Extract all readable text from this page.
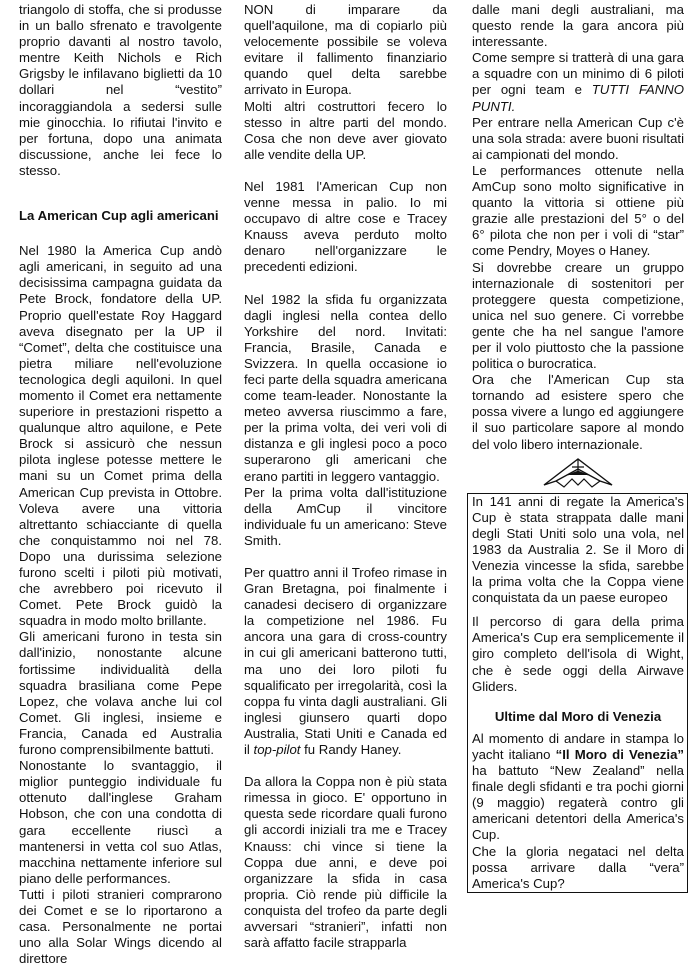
triangolo di stoffa, che si produsse in un ballo sfrenato e travolgente proprio davanti al nostro tavolo, mentre Keith Nichols e Rich Grigsby le infilavano biglietti da 10 dollari nel “vestito” incoraggiandola a sedersi sulle mie ginocchia. Io rifiutai l'invito e per fortuna, dopo una animata discussione, anche lei fece lo stesso.

La American Cup agli americani

Nel 1980 la America Cup andò agli americani, in seguito ad una decisissima campagna guidata da Pete Brock, fondatore della UP. Proprio quell'estate Roy Haggard aveva disegnato per la UP il “Comet”, delta che costituisce una pietra miliare nell'evoluzione tecnologica degli aquiloni. In quel momento il Comet era nettamente superiore in prestazioni rispetto a qualunque altro aquilone, e Pete Brock si assicurò che nessun pilota inglese potesse mettere le mani su un Comet prima della American Cup prevista in Ottobre. Voleva avere una vittoria altrettanto schiacciante di quella che conquistammo noi nel 78. Dopo una durissima selezione furono scelti i piloti più motivati, che avrebbero poi ricevuto il Comet. Pete Brock guidò la squadra in modo molto brillante.

Gli americani furono in testa sin dall'inizio, nonostante alcune fortissime individualità della squadra brasiliana come Pepe Lopez, che volava anche lui col Comet. Gli inglesi, insieme e Francia, Canada ed Australia furono comprensibilmente battuti.

Nonostante lo svantaggio, il miglior punteggio individuale fu ottenuto dall'inglese Graham Hobson, che con una condotta di gara eccellente riuscì a mantenersi in vetta col suo Atlas, macchina nettamente inferiore sul piano delle performances.

Tutti i piloti stranieri comprarono dei Comet e se lo riportarono a casa. Personalmente ne portai uno alla Solar Wings dicendo al direttore

NON di imparare da quell'aquilone, ma di copiarlo più velocemente possibile se voleva evitare il fallimento finanziario quando quel delta sarebbe arrivato in Europa.

Molti altri costruttori fecero lo stesso in altre parti del mondo. Cosa che non deve aver giovato alle vendite della UP.

Nel 1981 l'American Cup non venne messa in palio. Io mi occupavo di altre cose e Tracey Knauss aveva perduto molto denaro nell'organizzare le precedenti edizioni.

Nel 1982 la sfida fu organizzata dagli inglesi nella contea dello Yorkshire del nord. Invitati: Francia, Brasile, Canada e Svizzera. In quella occasione io feci parte della squadra americana come team-leader. Nonostante la meteo avversa riuscimmo a fare, per la prima volta, dei veri voli di distanza e gli inglesi poco a poco superarono gli americani che erano partiti in leggero vantaggio.

Per la prima volta dall'istituzione della AmCup il vincitore individuale fu un americano: Steve Smith.

Per quattro anni il Trofeo rimase in Gran Bretagna, poi finalmente i canadesi decisero di organizzare la competizione nel 1986. Fu ancora una gara di cross-country in cui gli americani batterono tutti, ma uno dei loro piloti fu squalificato per irregolarità, così la coppa fu vinta dagli australiani. Gli inglesi giunsero quarti dopo Australia, Stati Uniti e Canada ed il top-pilot fu Randy Haney.

Da allora la Coppa non è più stata rimessa in gioco. E' opportuno in questa sede ricordare quali furono gli accordi iniziali tra me e Tracey Knauss: chi vince si tiene la Coppa due anni, e deve poi organizzare la sfida in casa propria. Ciò rende più difficile la conquista del trofeo da parte degli avversari “stranieri”, infatti non sarà affatto facile strapparla

dalle mani degli australiani, ma questo rende la gara ancora più interessante.

Come sempre si tratterà di una gara a squadre con un minimo di 6 piloti per ogni team e TUTTI FANNO PUNTI.

Per entrare nella American Cup c'è una sola strada: avere buoni risultati ai campionati del mondo.

Le performances ottenute nella AmCup sono molto significative in quanto la vittoria si ottiene più grazie alle prestazioni del 5° o del 6° pilota che non per i voli di “star” come Pendry, Moyes o Haney.

Si dovrebbe creare un gruppo internazionale di sostenitori per proteggere questa competizione, unica nel suo genere. Ci vorrebbe gente che ha nel sangue l'amore per il volo piuttosto che la passione politica o burocratica.

Ora che l'American Cup sta tornando ad esistere spero che possa vivere a lungo ed aggiungere il suo particolare sapore al mondo del volo libero internazionale.

In 141 anni di regate la America's Cup è stata strappata dalle mani degli Stati Uniti solo una vola, nel 1983 da Australia 2. Se il Moro di Venezia vincesse la sfida, sarebbe la prima volta che la Coppa viene conquistata da un paese europeo

Il percorso di gara della prima America's Cup era semplicemente il giro completo dell'isola di Wight, che è sede oggi della Airwave Gliders.

Ultime dal Moro di Venezia

Al momento di andare in stampa lo yacht italiano “Il Moro di Venezia” ha battuto “New Zealand” nella finale degli sfidanti e tra pochi giorni (9 maggio) regaterà contro gli americani detentori della America's Cup.

Che la gloria negataci nel delta possa arrivare dalla “vera” America's Cup?
